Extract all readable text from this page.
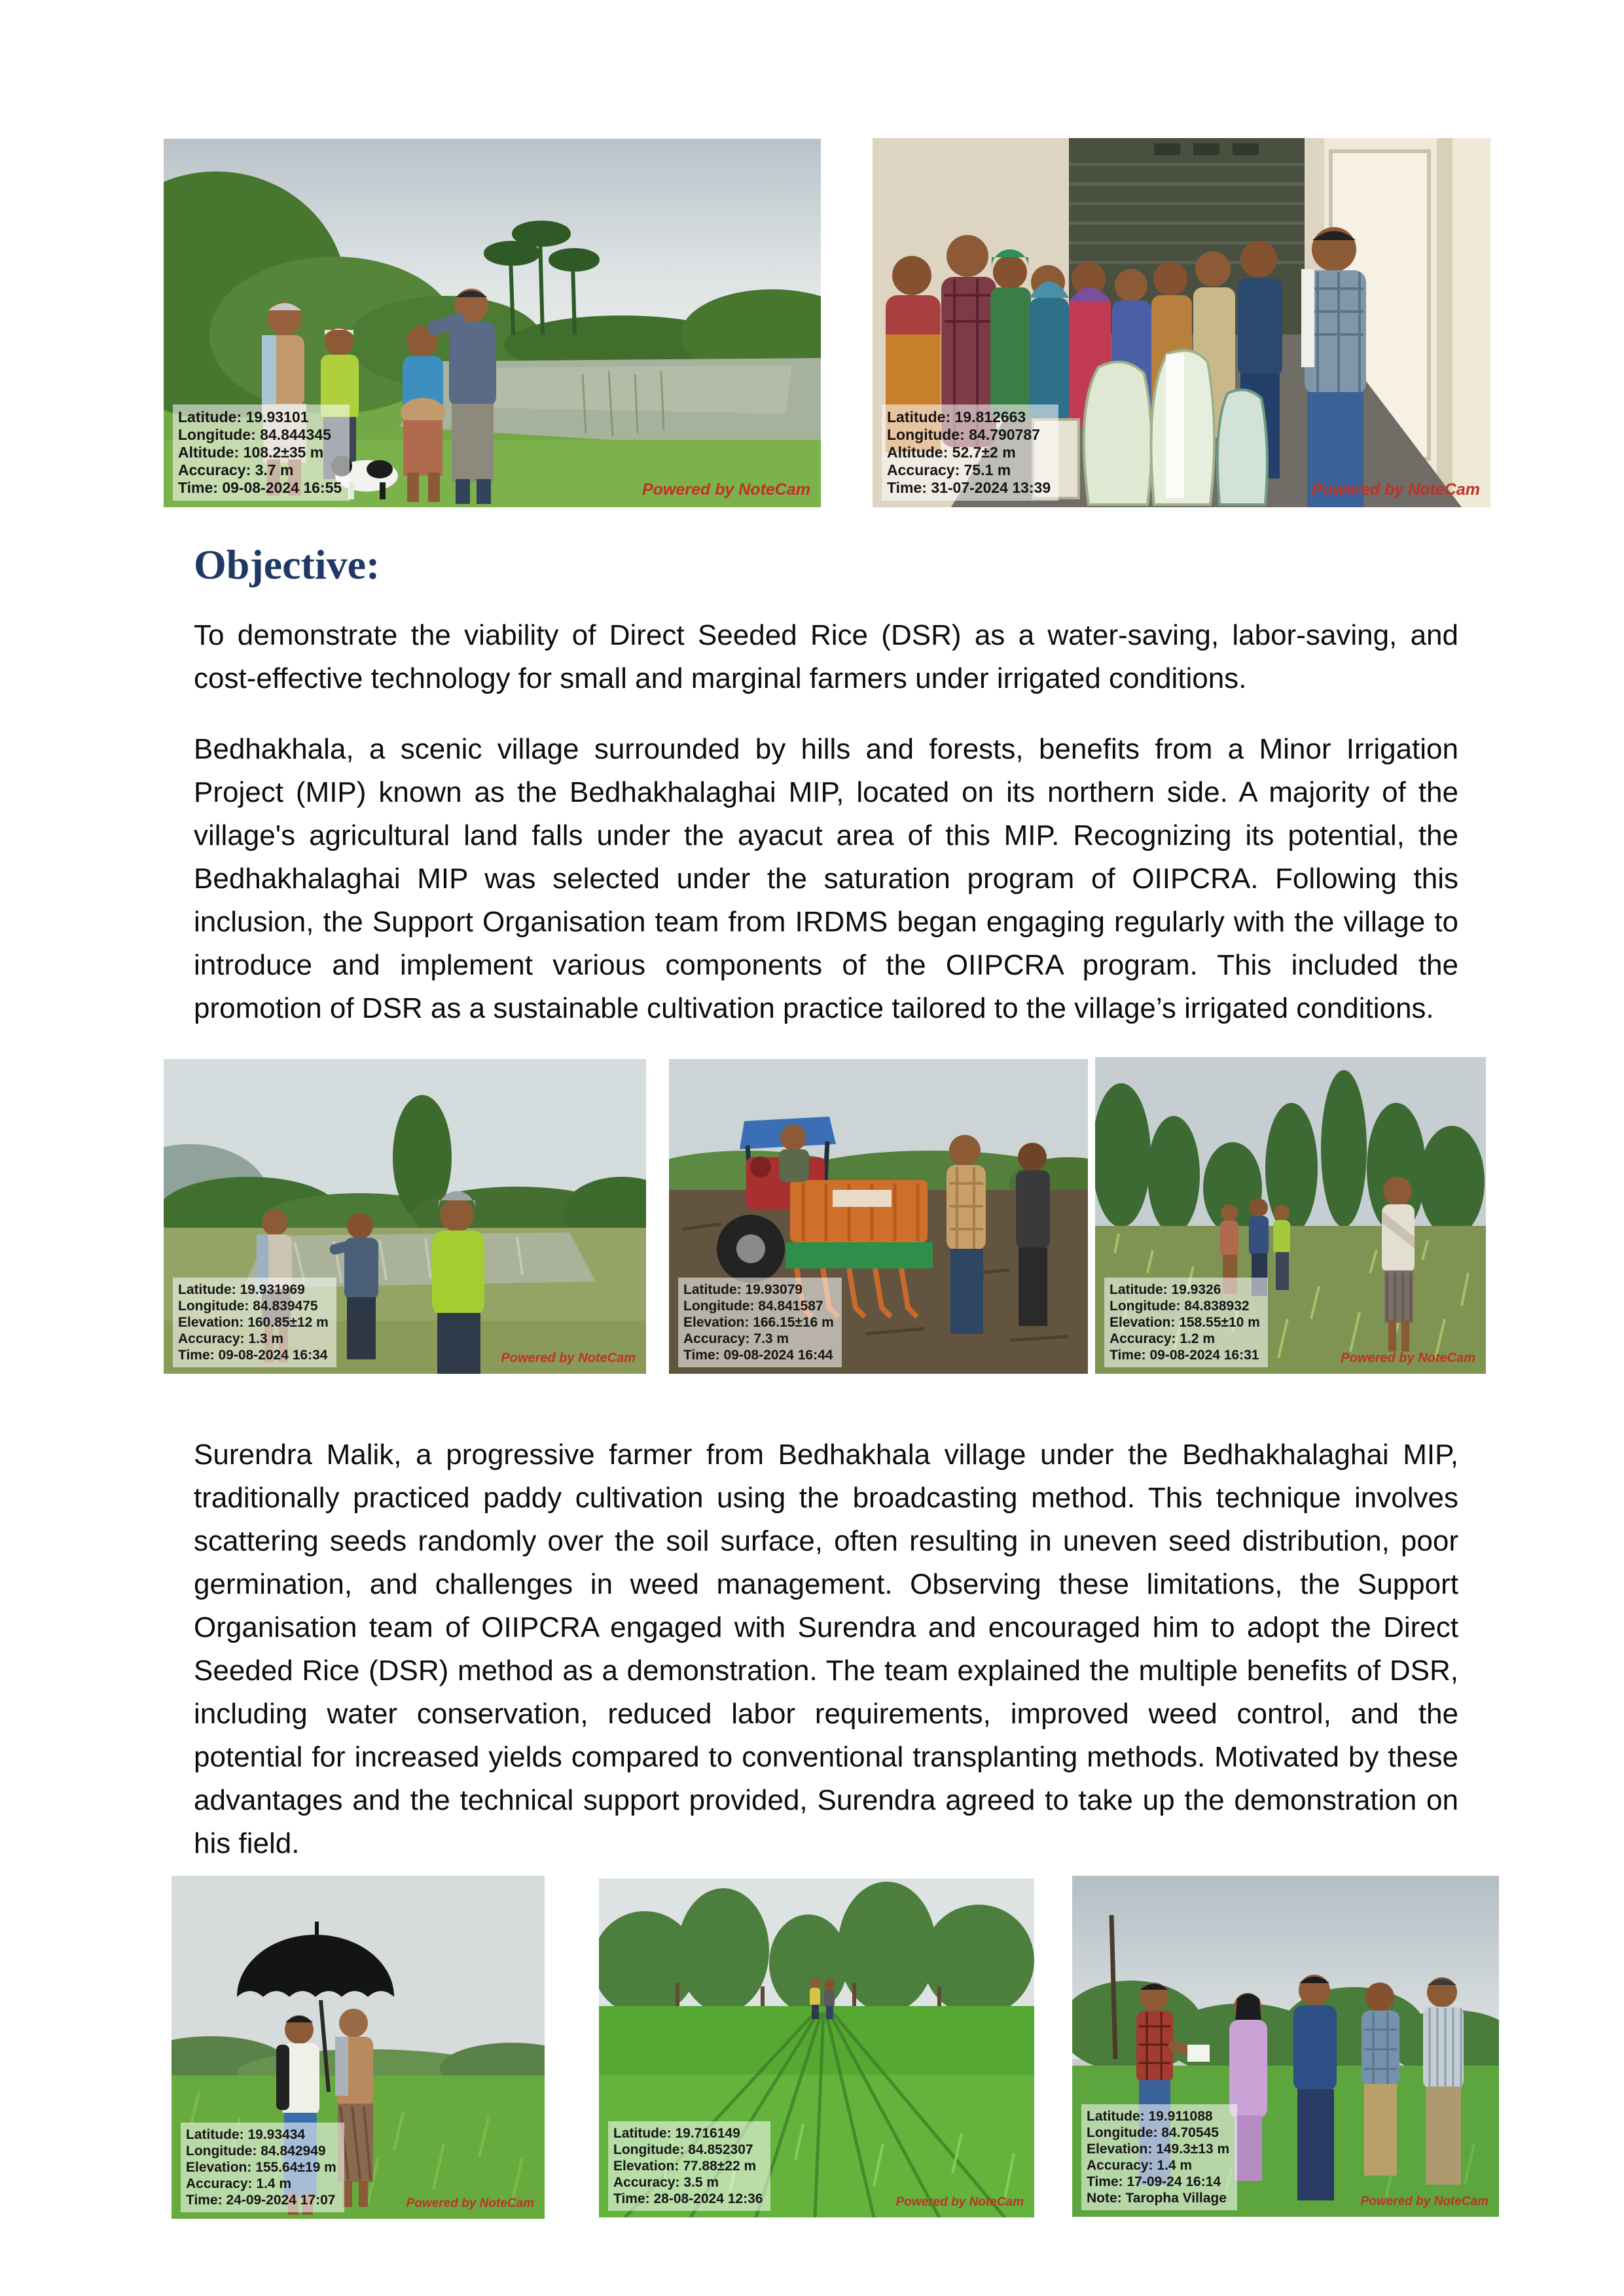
Latitude: 19.93101
Longitude: 84.844345
Altitude: 108.2±35 m
Accuracy: 3.7 m
Time: 09-08-2024 16:55	Powered by NoteCam
Latitude: 19.812663
Longitude: 84.790787
Altitude: 52.7±2 m
Accuracy: 75.1 m
Time: 31-07-2024 13:39	Powered by NoteCam
Objective:
To demonstrate the viability of Direct Seeded Rice (DSR) as a water-saving, labor-saving, and cost-effective technology for small and marginal farmers under irrigated conditions.
Bedhakhala, a scenic village surrounded by hills and forests, benefits from a Minor Irrigation Project (MIP) known as the Bedhakhalaghai MIP, located on its northern side. A majority of the village's agricultural land falls under the ayacut area of this MIP. Recognizing its potential, the Bedhakhalaghai MIP was selected under the saturation program of OIIPCRA. Following this inclusion, the Support Organisation team from IRDMS began engaging regularly with the village to introduce and implement various components of the OIIPCRA program. This included the promotion of DSR as a sustainable cultivation practice tailored to the village’s irrigated conditions.
Latitude: 19.931969
Longitude: 84.839475
Elevation: 160.85±12 m
Accuracy: 1.3 m
Time: 09-08-2024 16:34	Powered by NoteCam
Latitude: 19.93079
Longitude: 84.841587
Elevation: 166.15±16 m
Accuracy: 7.3 m
Time: 09-08-2024 16:44
Latitude: 19.9326
Longitude: 84.838932
Elevation: 158.55±10 m
Accuracy: 1.2 m
Time: 09-08-2024 16:31	Powered by NoteCam
Surendra Malik, a progressive farmer from Bedhakhala village under the Bedhakhalaghai MIP, traditionally practiced paddy cultivation using the broadcasting method. This technique involves scattering seeds randomly over the soil surface, often resulting in uneven seed distribution, poor germination, and challenges in weed management. Observing these limitations, the Support Organisation team of OIIPCRA engaged with Surendra and encouraged him to adopt the Direct Seeded Rice (DSR) method as a demonstration. The team explained the multiple benefits of DSR, including water conservation, reduced labor requirements, improved weed control, and the potential for increased yields compared to conventional transplanting methods. Motivated by these advantages and the technical support provided, Surendra agreed to take up the demonstration on his field.
Latitude: 19.93434
Longitude: 84.842949
Elevation: 155.64±19 m
Accuracy: 1.4 m
Time: 24-09-2024 17:07	Powered by NoteCam
Latitude: 19.716149
Longitude: 84.852307
Elevation: 77.88±22 m
Accuracy: 3.5 m
Time: 28-08-2024 12:36	Powered by NoteCam
Latitude: 19.911088
Longitude: 84.70545
Elevation: 149.3±13 m
Accuracy: 1.4 m
Time: 17-09-24 16:14
Note: Taropha Village	Powered by NoteCam
